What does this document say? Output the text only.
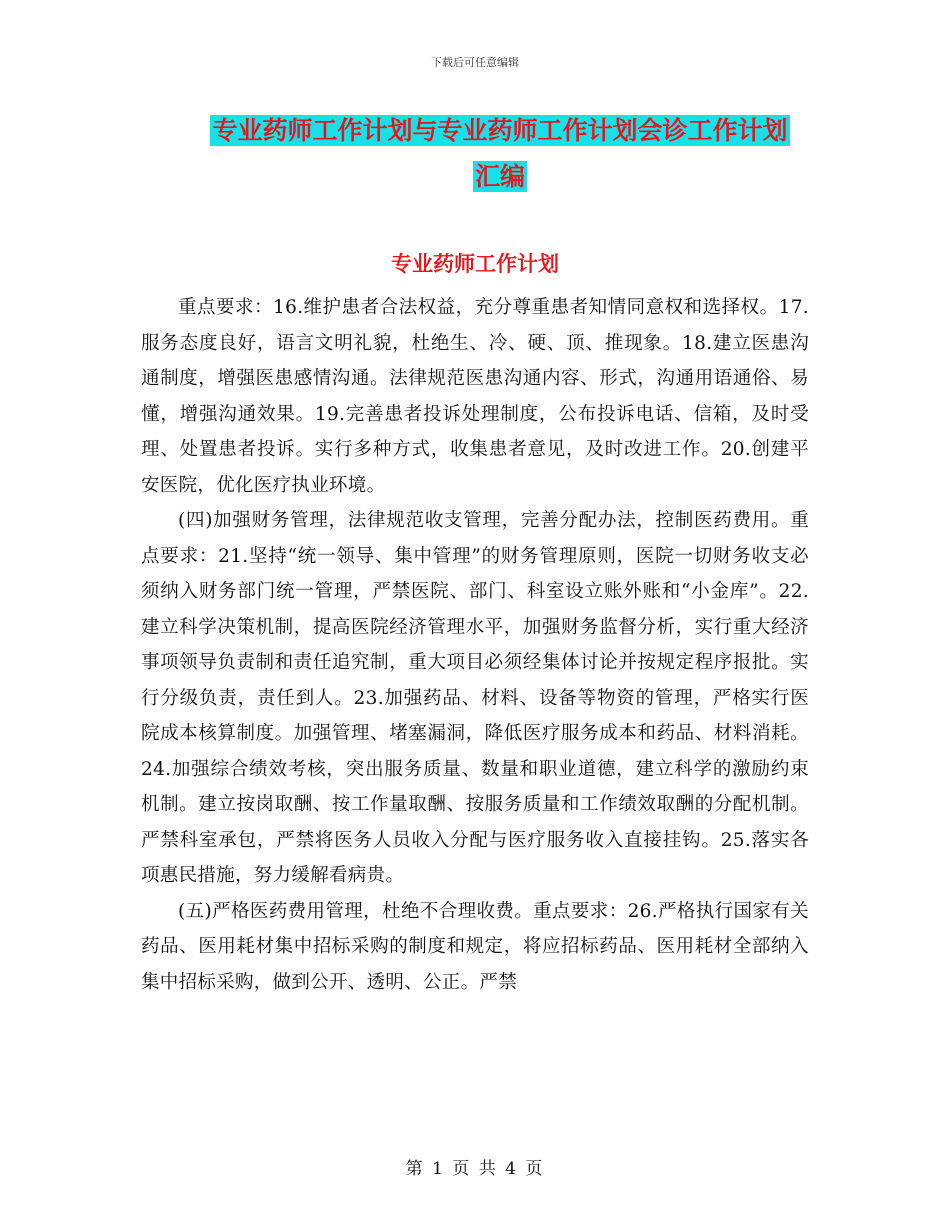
下载后可任意编辑
专业药师工作计划与专业药师工作计划会诊工作计划
汇编
专业药师工作计划

重点要求：16.维护患者合法权益，充分尊重患者知情同意权和选择权。17.服务态度良好，语言文明礼貌，杜绝生、冷、硬、顶、推现象。18.建立医患沟通制度，增强医患感情沟通。法律规范医患沟通内容、形式，沟通用语通俗、易懂，增强沟通效果。19.完善患者投诉处理制度，公布投诉电话、信箱，及时受理、处置患者投诉。实行多种方式，收集患者意见，及时改进工作。20.创建平安医院，优化医疗执业环境。

(四)加强财务管理，法律规范收支管理，完善分配办法，控制医药费用。重点要求：21.坚持“统一领导、集中管理”的财务管理原则，医院一切财务收支必须纳入财务部门统一管理，严禁医院、部门、科室设立账外账和“小金库”。22.建立科学决策机制，提高医院经济管理水平，加强财务监督分析，实行重大经济事项领导负责制和责任追究制，重大项目必须经集体讨论并按规定程序报批。实行分级负责，责任到人。23.加强药品、材料、设备等物资的管理，严格实行医院成本核算制度。加强管理、堵塞漏洞，降低医疗服务成本和药品、材料消耗。24.加强综合绩效考核，突出服务质量、数量和职业道德，建立科学的激励约束机制。建立按岗取酬、按工作量取酬、按服务质量和工作绩效取酬的分配机制。严禁科室承包，严禁将医务人员收入分配与医疗服务收入直接挂钩。25.落实各项惠民措施，努力缓解看病贵。

(五)严格医药费用管理，杜绝不合理收费。重点要求：26.严格执行国家有关药品、医用耗材集中招标采购的制度和规定，将应招标药品、医用耗材全部纳入集中招标采购，做到公开、透明、公正。严禁

第 1 页 共 4 页
